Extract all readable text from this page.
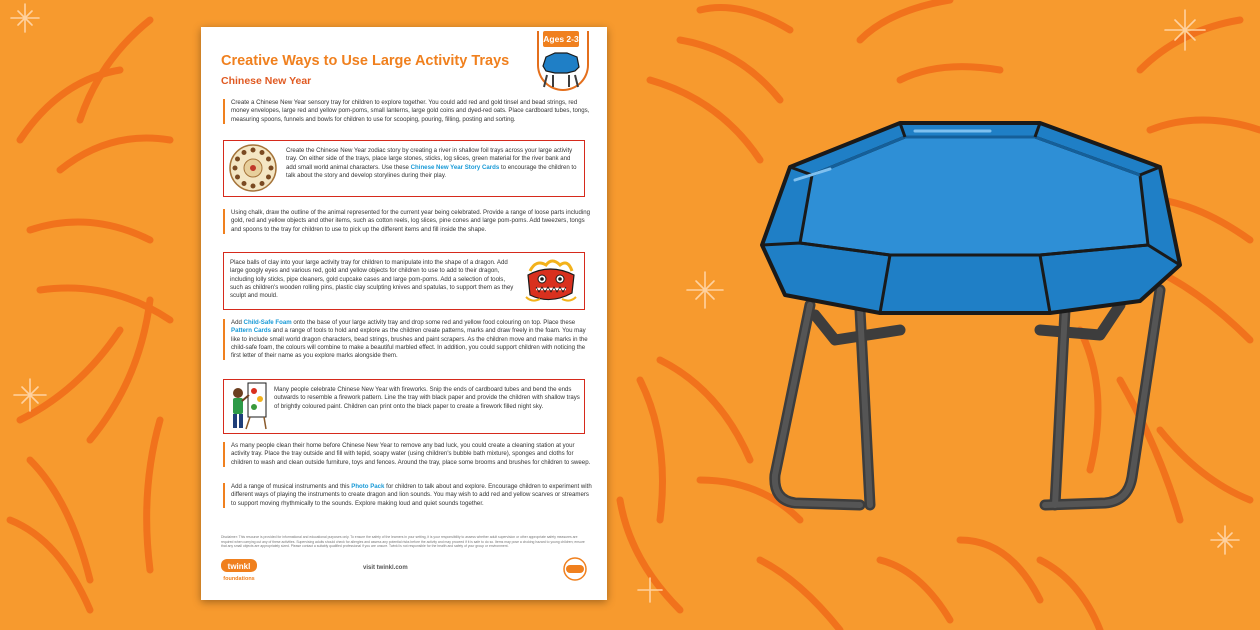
Creative Ways to Use Large Activity Trays
Chinese New Year
Ages 2-3
Create a Chinese New Year sensory tray for children to explore together. You could add red and gold tinsel and bead strings, red money envelopes, large red and yellow pom-poms, small lanterns, large gold coins and dyed-red oats. Place cardboard tubes, tongs, measuring spoons, funnels and bowls for children to use for scooping, pouring, filling, posting and sorting.
Create the Chinese New Year zodiac story by creating a river in shallow foil trays across your large activity tray. On either side of the trays, place large stones, sticks, log slices, green material for the river bank and add small world animal characters. Use these Chinese New Year Story Cards to encourage the children to talk about the story and develop storylines during their play.
Using chalk, draw the outline of the animal represented for the current year being celebrated. Provide a range of loose parts including gold, red and yellow objects and other items, such as cotton reels, log slices, pine cones and large pom-poms. Add tweezers, tongs and spoons to the tray for children to use to pick up the different items and fill inside the shape.
Place balls of clay into your large activity tray for children to manipulate into the shape of a dragon. Add large googly eyes and various red, gold and yellow objects for children to use to add to their dragon, including lolly sticks, pipe cleaners, gold cupcake cases and large pom-poms. Add a selection of tools, such as children's wooden rolling pins, plastic clay sculpting knives and spatulas, to support them as they sculpt and mould.
Add Child-Safe Foam onto the base of your large activity tray and drop some red and yellow food colouring on top. Place these Pattern Cards and a range of tools to hold and explore as the children create patterns, marks and draw freely in the foam. You may like to include small world dragon characters, bead strings, brushes and paint scrapers. As the children move and make marks in the child-safe foam, the colours will combine to make a beautiful marbled effect. In addition, you could support children with noticing the first letter of their name as you explore marks alongside them.
Many people celebrate Chinese New Year with fireworks. Snip the ends of cardboard tubes and bend the ends outwards to resemble a firework pattern. Line the tray with black paper and provide the children with shallow trays of brightly coloured paint. Children can print onto the black paper to create a firework filled night sky.
As many people clean their home before Chinese New Year to remove any bad luck, you could create a cleaning station at your activity tray. Place the tray outside and fill with tepid, soapy water (using children's bubble bath mixture), sponges and cloths for children to wash and clean outside furniture, toys and fences. Around the tray, place some brooms and brushes for children to sweep.
Add a range of musical instruments and this Photo Pack for children to talk about and explore. Encourage children to experiment with different ways of playing the instruments to create dragon and lion sounds. You may wish to add red and yellow scarves or streamers to support moving rhythmically to the sounds. Explore making loud and quiet sounds together.
Disclaimer: This resource is provided for informational and educational purposes only. To ensure the safety of the learners in your setting, it is your responsibility to assess whether adult supervision or other appropriate safety measures are required when carrying out any of these activities. Supervising adults should check for allergies and assess any potential risks before the activity and may proceed if it is safe to do so. Items may pose a choking hazard to young children; ensure that any small objects are appropriately sized. Please contact a suitably qualified professional if you are unsure. Twinkl is not responsible for the health and safety of your group or environment.
twinkl
foundations
visit twinkl.com
